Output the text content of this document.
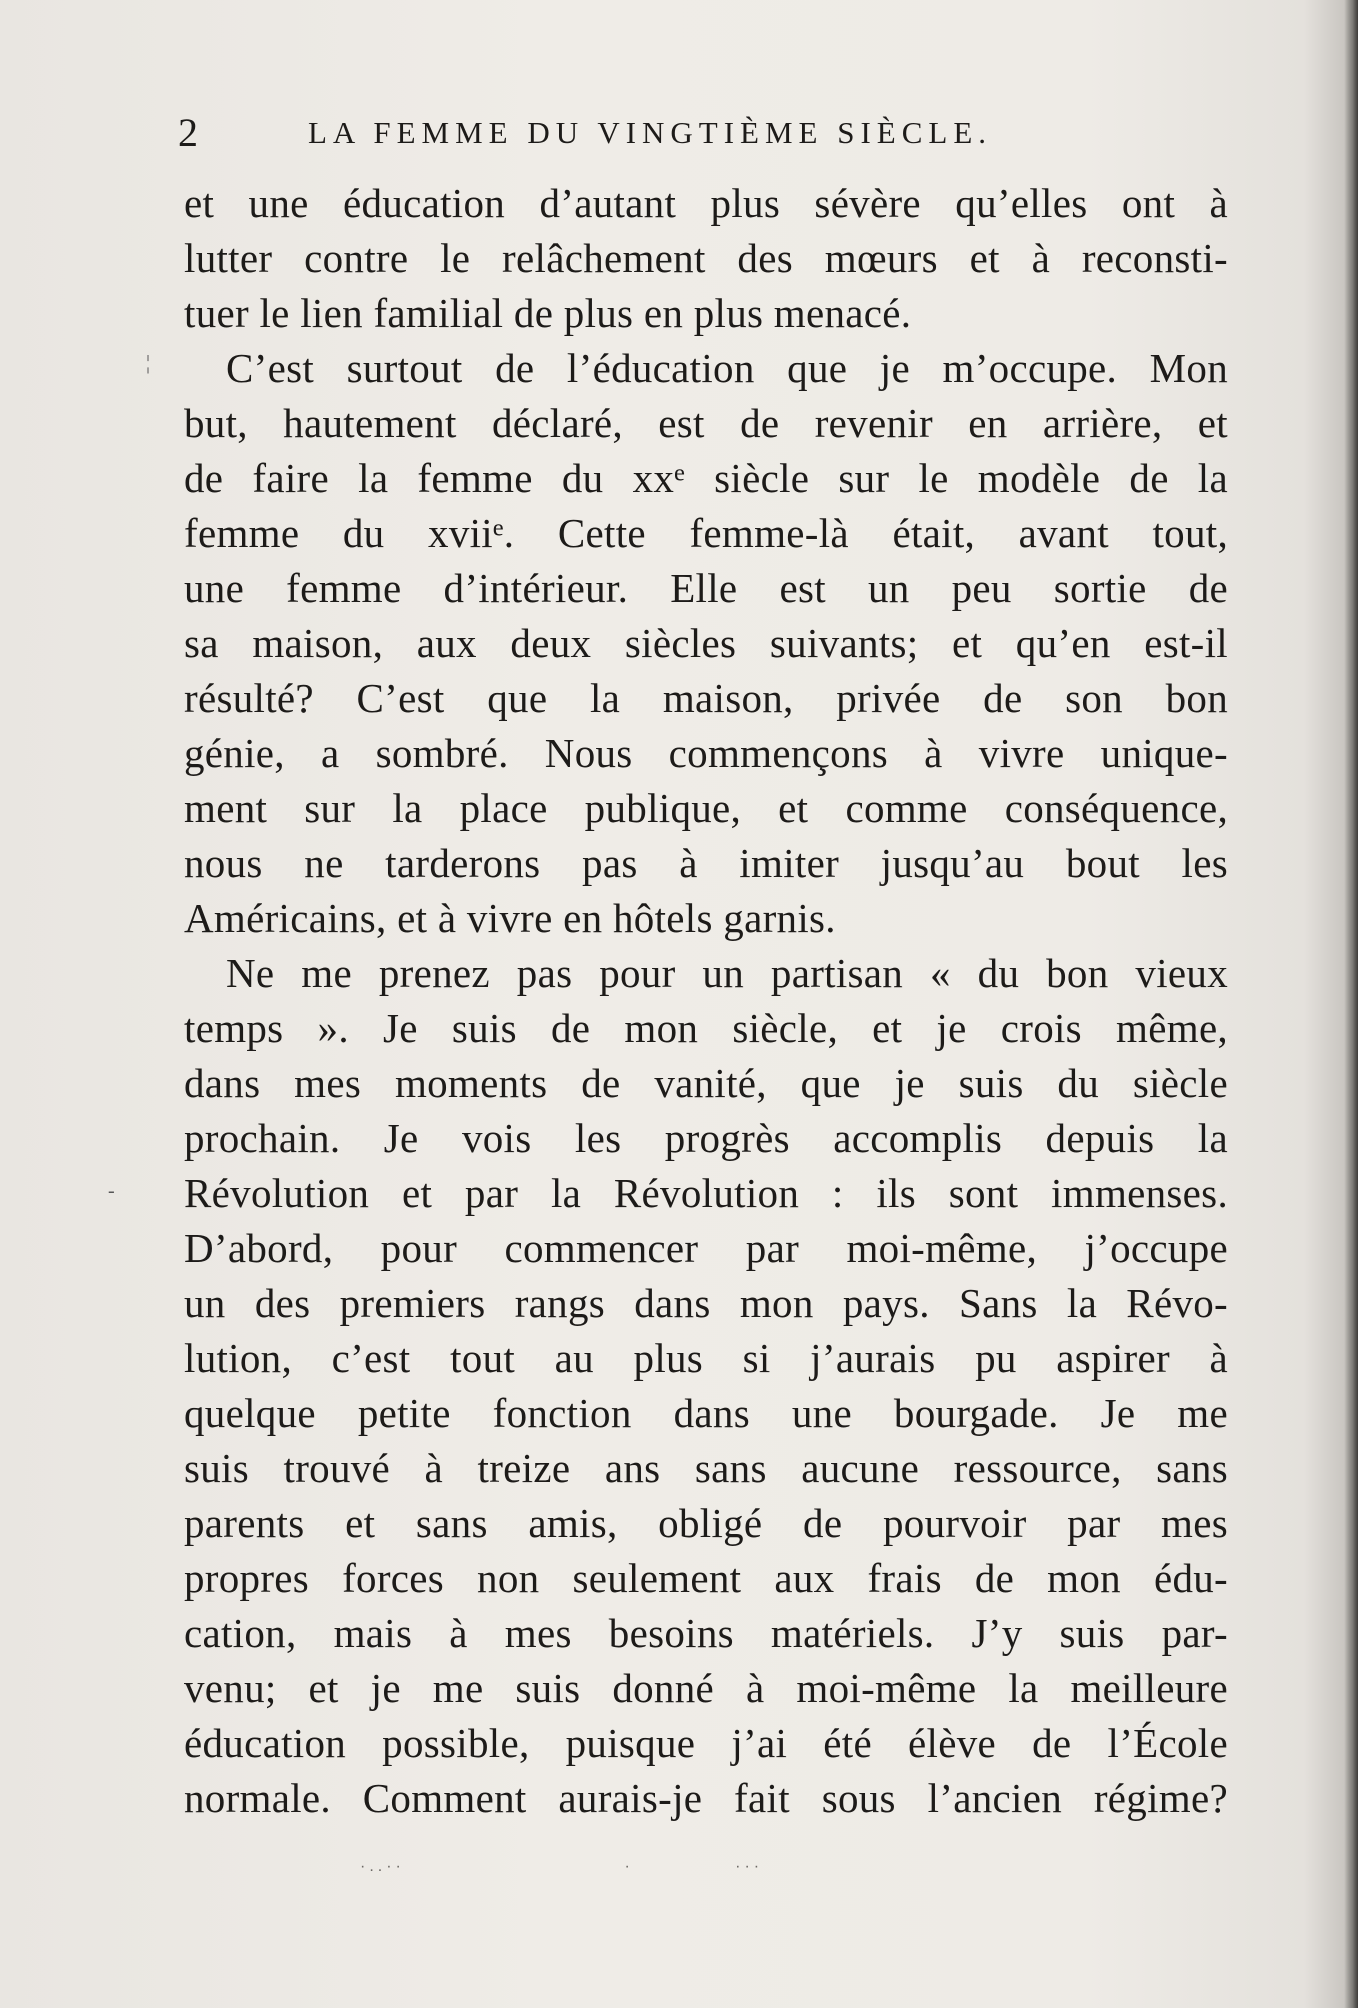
2	LA FEMME DU VINGTIÈME SIÈCLE.
¦
-
et une éducation d’autant plus sévère qu’elles ont à
lutter contre le relâchement des mœurs et à reconsti-
tuer le lien familial de plus en plus menacé.
C’est surtout de l’éducation que je m’occupe. Mon
but, hautement déclaré, est de revenir en arrière, et
de faire la femme du xxᵉ siècle sur le modèle de la
femme du xviiᵉ. Cette femme-là était, avant tout,
une femme d’intérieur. Elle est un peu sortie de
sa maison, aux deux siècles suivants; et qu’en est-il
résulté? C’est que la maison, privée de son bon
génie, a sombré. Nous commençons à vivre unique-
ment sur la place publique, et comme conséquence,
nous ne tarderons pas à imiter jusqu’au bout les
Américains, et à vivre en hôtels garnis.
Ne me prenez pas pour un partisan « du bon vieux
temps ». Je suis de mon siècle, et je crois même,
dans mes moments de vanité, que je suis du siècle
prochain. Je vois les progrès accomplis depuis la
Révolution et par la Révolution : ils sont immenses.
D’abord, pour commencer par moi-même, j’occupe
un des premiers rangs dans mon pays. Sans la Révo-
lution, c’est tout au plus si j’aurais pu aspirer à
quelque petite fonction dans une bourgade. Je me
suis trouvé à treize ans sans aucune ressource, sans
parents et sans amis, obligé de pourvoir par mes
propres forces non seulement aux frais de mon édu-
cation, mais à mes besoins matériels. J’y suis par-
venu; et je me suis donné à moi-même la meilleure
éducation possible, puisque j’ai été élève de l’École
normale. Comment aurais-je fait sous l’ancien régime?
·..··                          ·            ···
